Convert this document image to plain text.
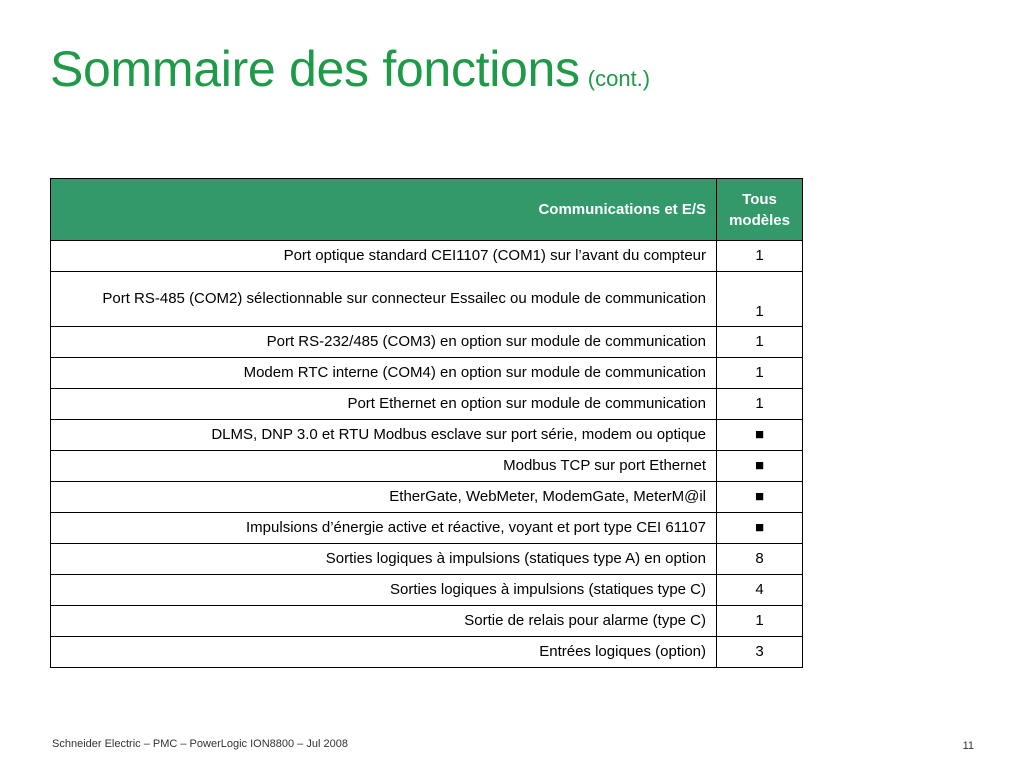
Sommaire des fonctions (cont.)
Communications et E/S	Tous modèles
Port optique standard CEI1107 (COM1) sur l’avant du compteur	1
Port RS-485 (COM2) sélectionnable sur connecteur Essailec ou module de communication	1
Port RS-232/485 (COM3) en option sur module de communication	1
Modem RTC interne (COM4) en option sur module de communication	1
Port Ethernet en option sur module de communication	1
DLMS, DNP 3.0 et RTU Modbus esclave sur port série, modem ou optique	■
Modbus TCP sur port Ethernet	■
EtherGate, WebMeter, ModemGate, MeterM@il	■
Impulsions d’énergie active et réactive, voyant et port type CEI 61107	■
Sorties logiques à impulsions (statiques type A) en option	8
Sorties logiques à impulsions (statiques type C)	4
Sortie de relais pour alarme (type C)	1
Entrées logiques (option)	3
Schneider Electric – PMC – PowerLogic ION8800 – Jul 2008	11
